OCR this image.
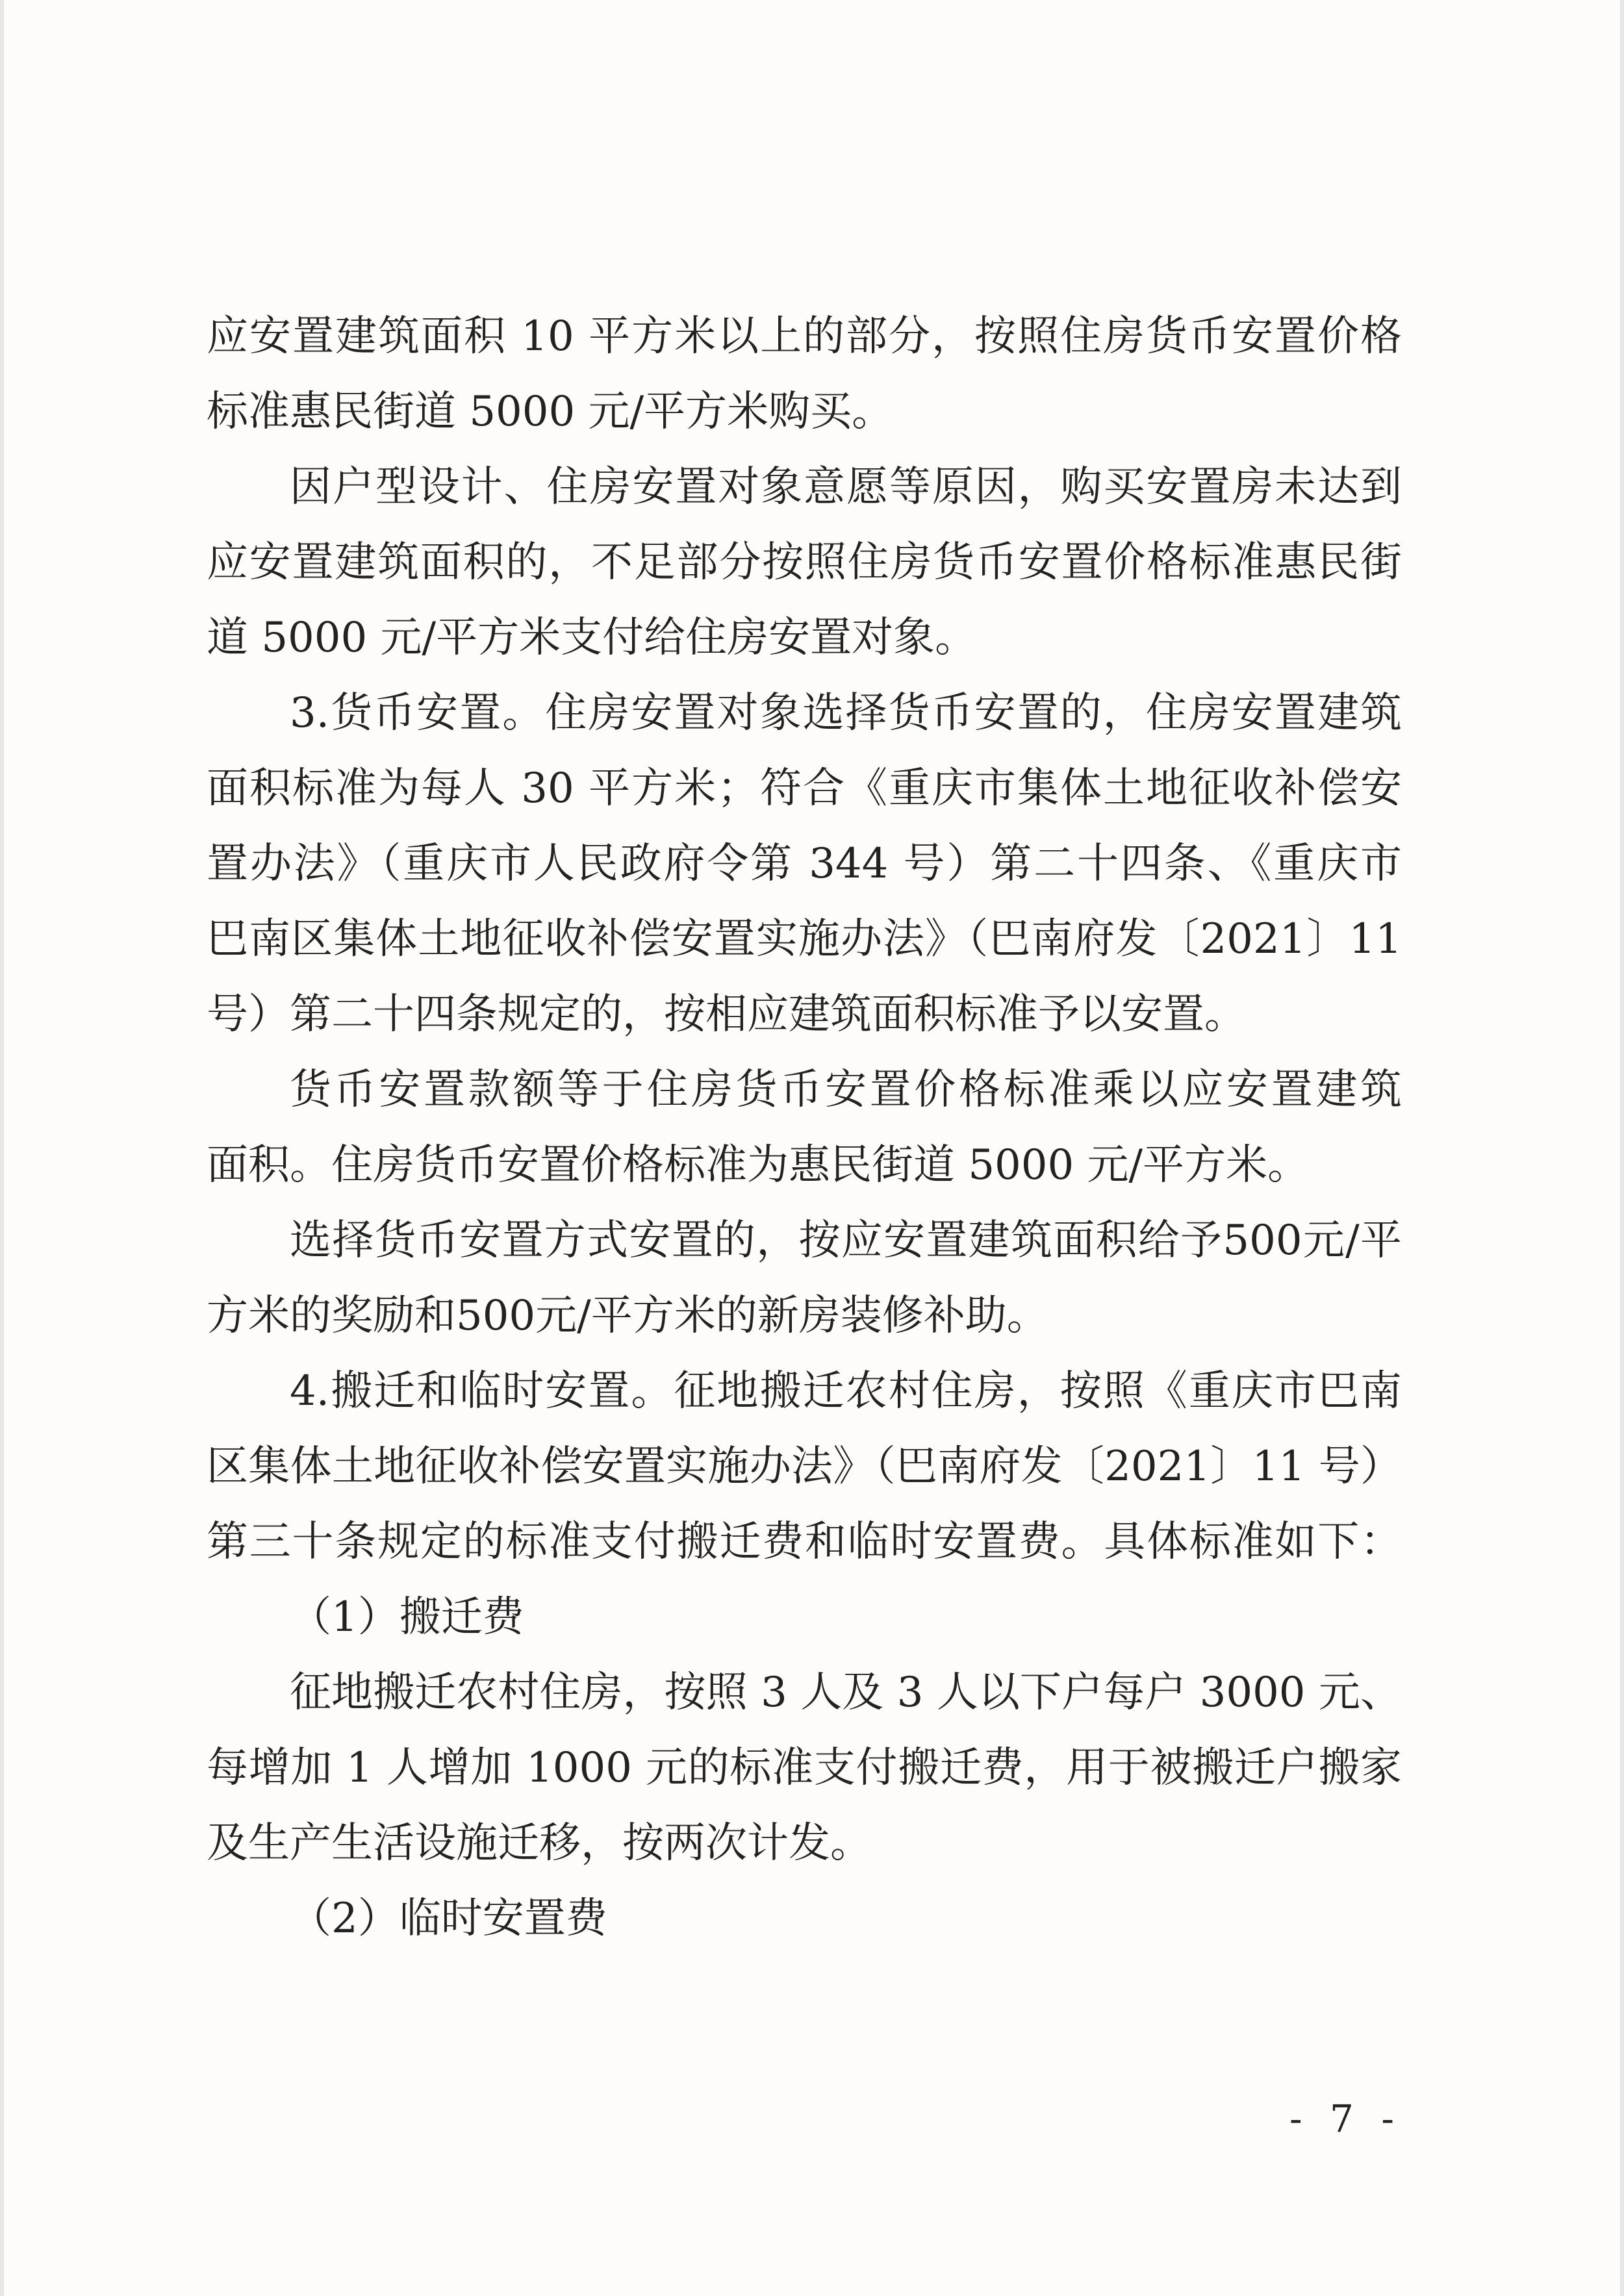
应安置建筑面积 10 平方米以上的部分，按照住房货币安置价格
标准惠民街道 5000 元/平方米购买。
因户型设计、住房安置对象意愿等原因，购买安置房未达到
应安置建筑面积的，不足部分按照住房货币安置价格标准惠民街
道 5000 元/平方米支付给住房安置对象。
3.货币安置。住房安置对象选择货币安置的，住房安置建筑
面积标准为每人 30 平方米；符合《重庆市集体土地征收补偿安
置办法》（重庆市人民政府令第 344 号）第二十四条、《重庆市
巴南区集体土地征收补偿安置实施办法》（巴南府发〔2021〕11
号）第二十四条规定的，按相应建筑面积标准予以安置。
货币安置款额等于住房货币安置价格标准乘以应安置建筑
面积。住房货币安置价格标准为惠民街道 5000 元/平方米。
选择货币安置方式安置的，按应安置建筑面积给予500元/平
方米的奖励和500元/平方米的新房装修补助。
4.搬迁和临时安置。征地搬迁农村住房，按照《重庆市巴南
区集体土地征收补偿安置实施办法》（巴南府发〔2021〕11 号）
第三十条规定的标准支付搬迁费和临时安置费。具体标准如下：
（1）搬迁费
征地搬迁农村住房，按照 3 人及 3 人以下户每户 3000 元、
每增加 1 人增加 1000 元的标准支付搬迁费，用于被搬迁户搬家
及生产生活设施迁移，按两次计发。
（2）临时安置费
- 7 -
